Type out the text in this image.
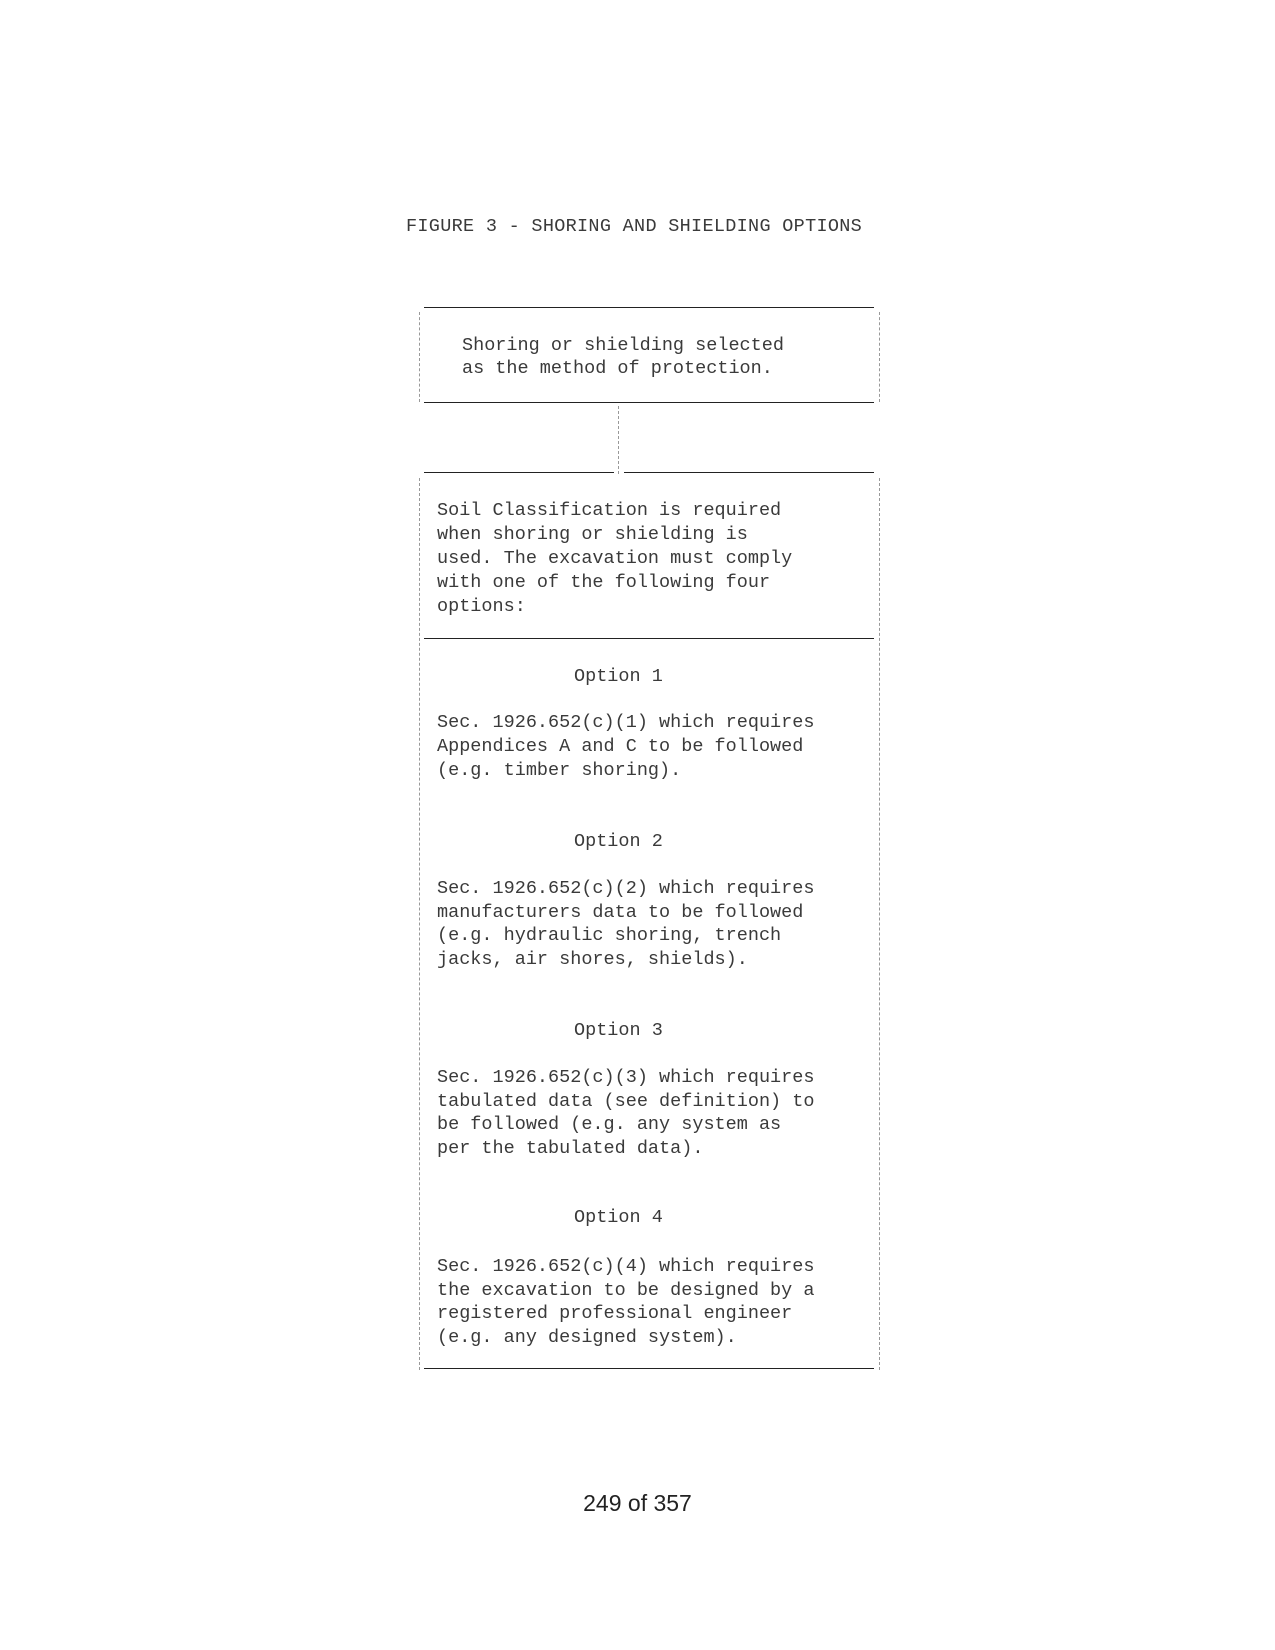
FIGURE 3 - SHORING AND SHIELDING OPTIONS
Shoring or shielding selected
as the method of protection.
Soil Classification is required
when shoring or shielding is
used. The excavation must comply
with one of the following four
options:
Option 1
Sec. 1926.652(c)(1) which requires
Appendices A and C to be followed
(e.g. timber shoring).
Option 2
Sec. 1926.652(c)(2) which requires
manufacturers data to be followed
(e.g. hydraulic shoring, trench
jacks, air shores, shields).
Option 3
Sec. 1926.652(c)(3) which requires
tabulated data (see definition) to
be followed (e.g. any system as
per the tabulated data).
Option 4
Sec. 1926.652(c)(4) which requires
the excavation to be designed by a
registered professional engineer
(e.g. any designed system).
249 of 357
